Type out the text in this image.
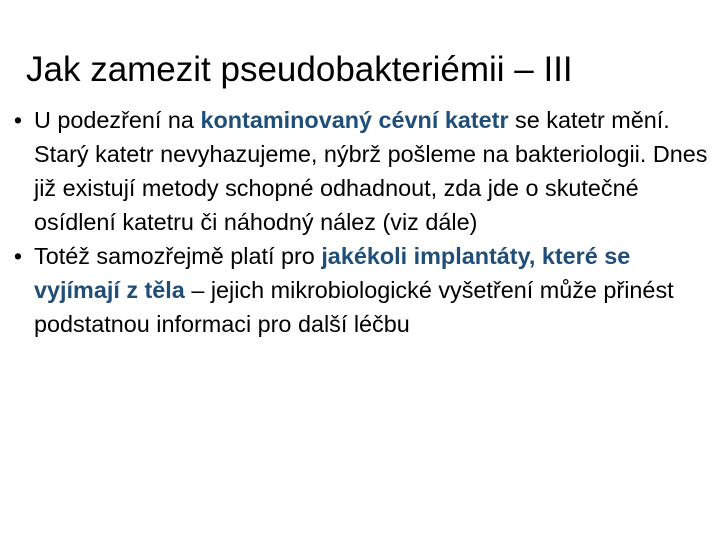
Jak zamezit pseudobakteriémii – III
• U podezření na kontaminovaný cévní katetr se katetr mění. Starý katetr nevyhazujeme, nýbrž pošleme na bakteriologii. Dnes již existují metody schopné odhadnout, zda jde o skutečné osídlení katetru či náhodný nález (viz dále)
• Totéž samozřejmě platí pro jakékoli implantáty, které se vyjímají z těla – jejich mikrobiologické vyšetření může přinést podstatnou informaci pro další léčbu
